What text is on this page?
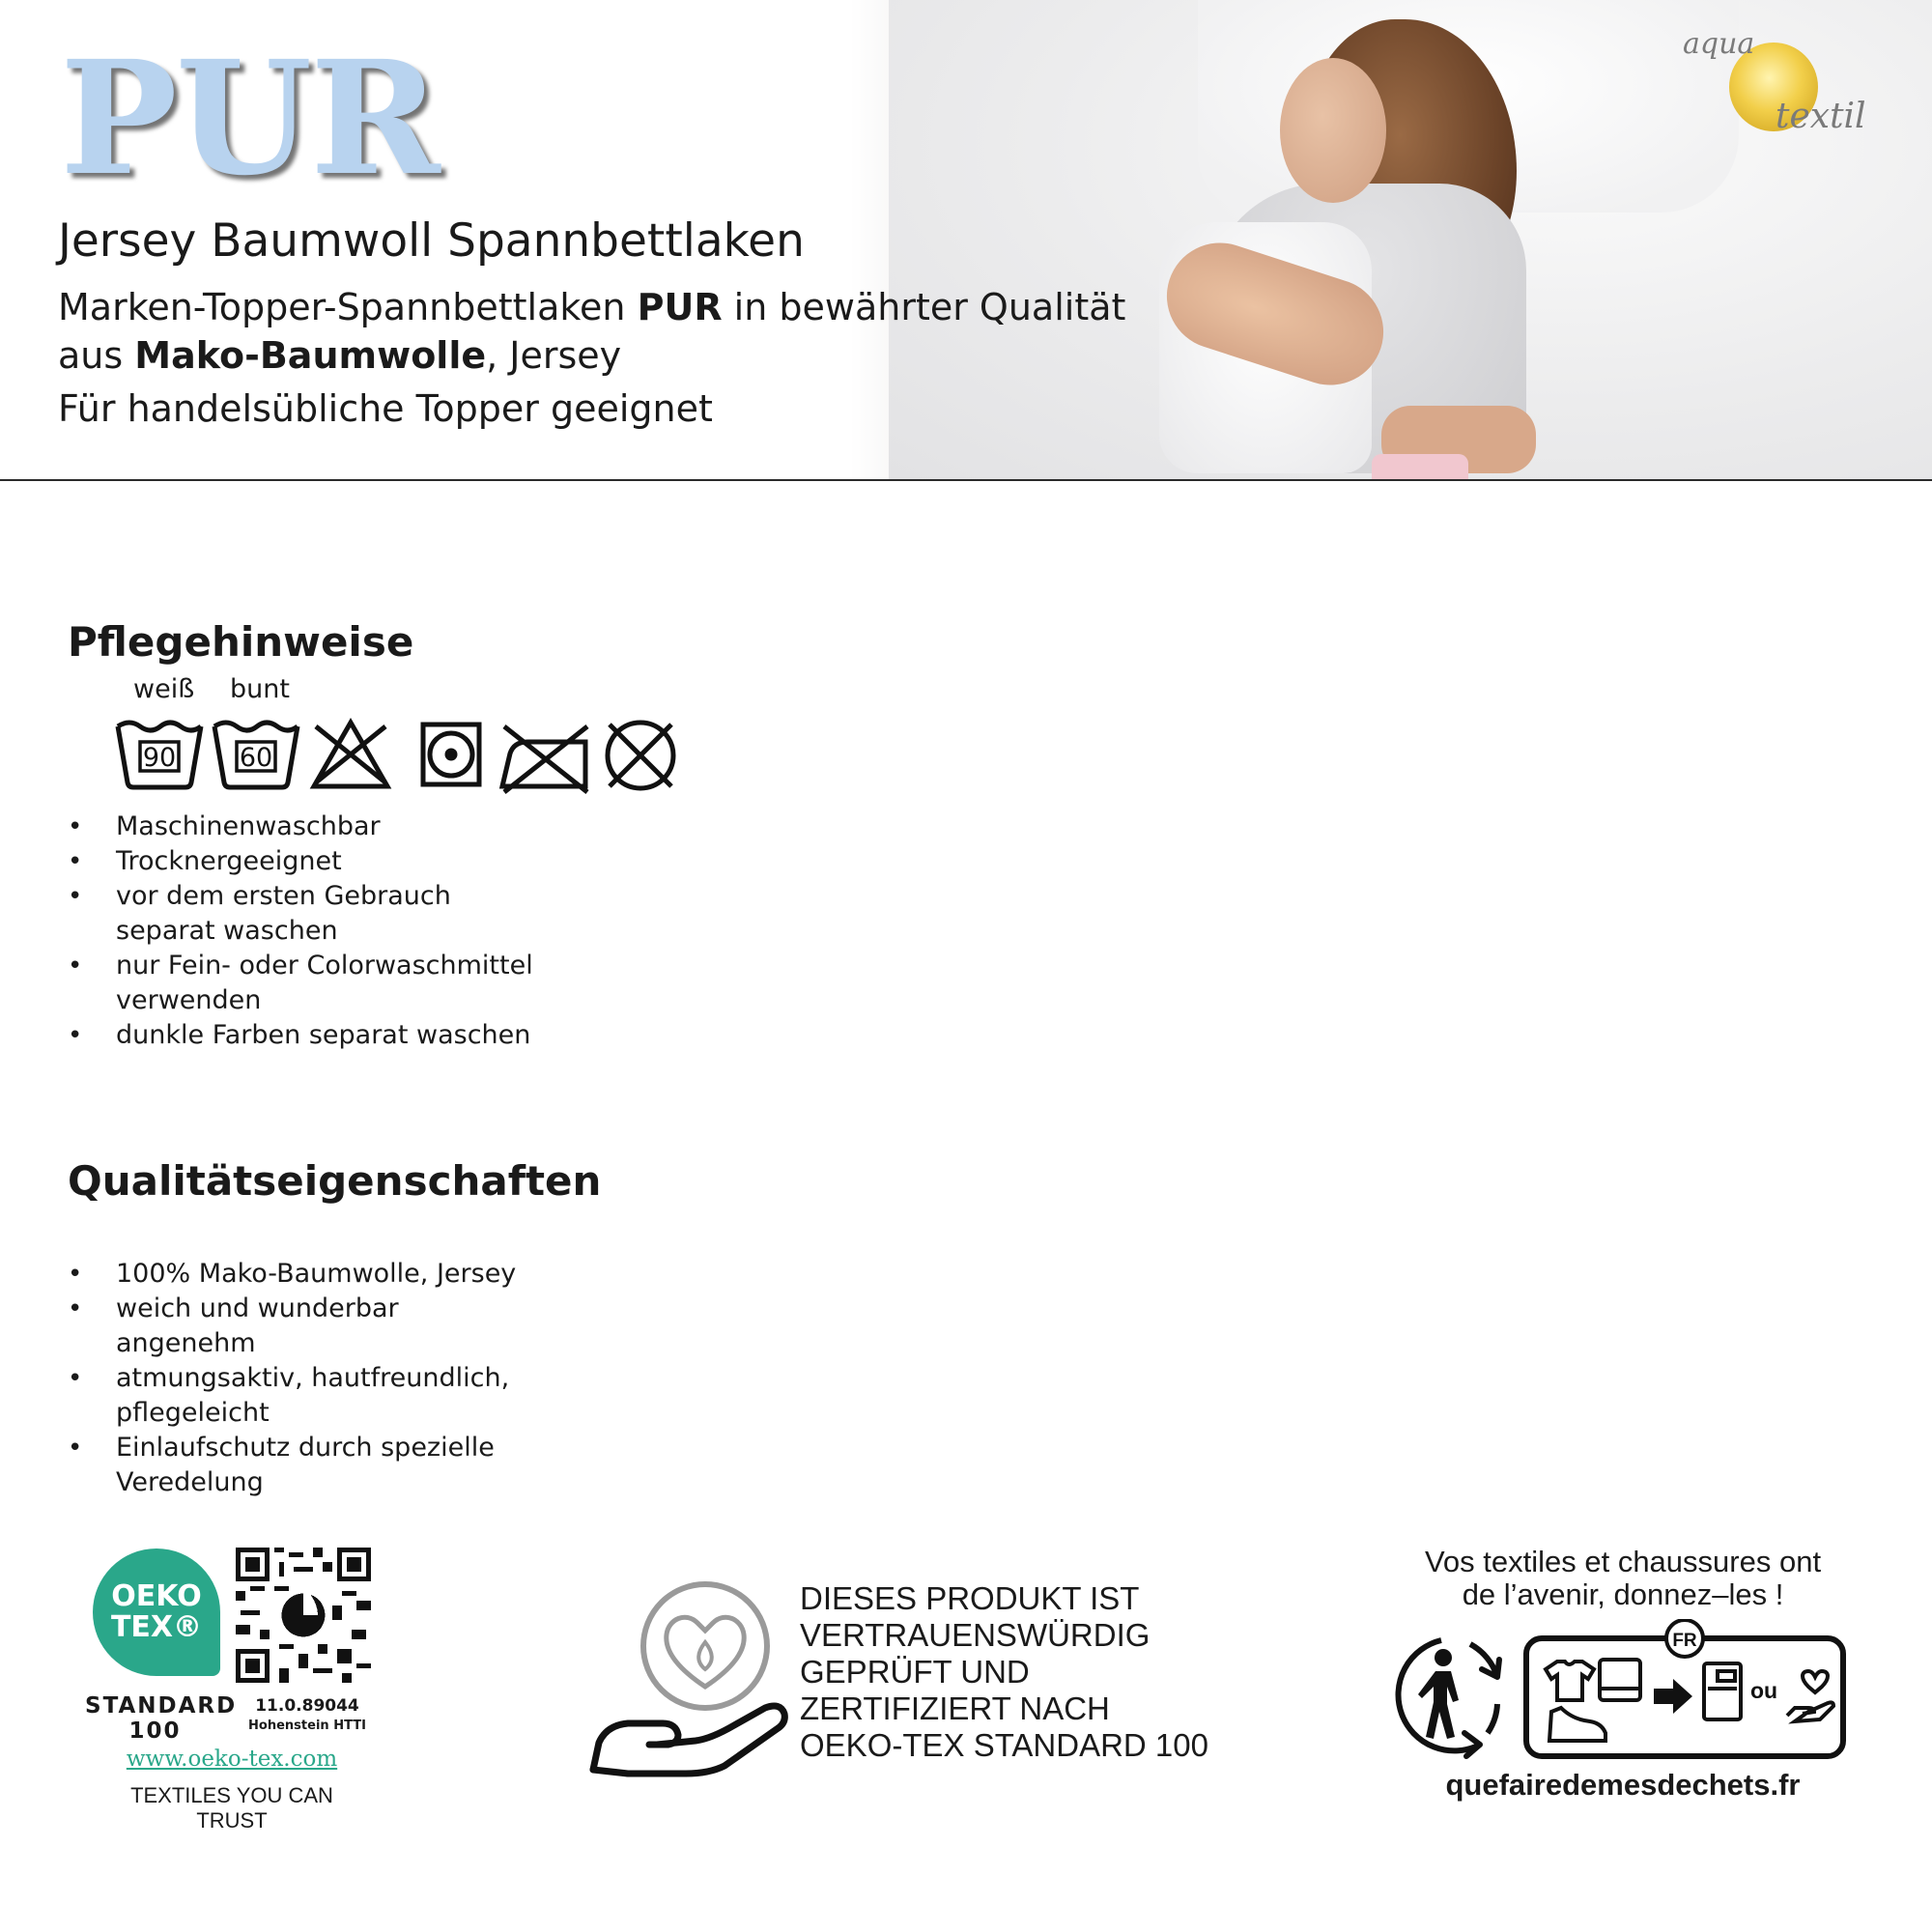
aqua
textil
PUR
Jersey Baumwoll Spannbettlaken
Marken-Topper-Spannbettlaken PUR in bewährter Qualität
aus Mako-Baumwolle, Jersey
Für handelsübliche Topper geeignet
Pflegehinweise
weiß bunt
90 60
• Maschinenwaschbar
• Trocknergeeignet
• vor dem ersten Gebrauch separat waschen
• nur Fein- oder Colorwaschmittel verwenden
• dunkle Farben separat waschen
Qualitätseigenschaften
• 100% Mako-Baumwolle, Jersey
• weich und wunderbar angenehm
• atmungsaktiv, hautfreundlich, pflegeleicht
• Einlaufschutz durch spezielle Veredelung
OEKO
TEX®
STANDARD
100
11.0.89044
Hohenstein HTTI
www.oeko-tex.com
TEXTILES YOU CAN TRUST
DIESES PRODUKT IST
VERTRAUENSWÜRDIG
GEPRÜFT UND
ZERTIFIZIERT NACH
OEKO-TEX STANDARD 100
Vos textiles et chaussures ont
de l’avenir, donnez–les !
FR
ou
quefairedemesdechets.fr
